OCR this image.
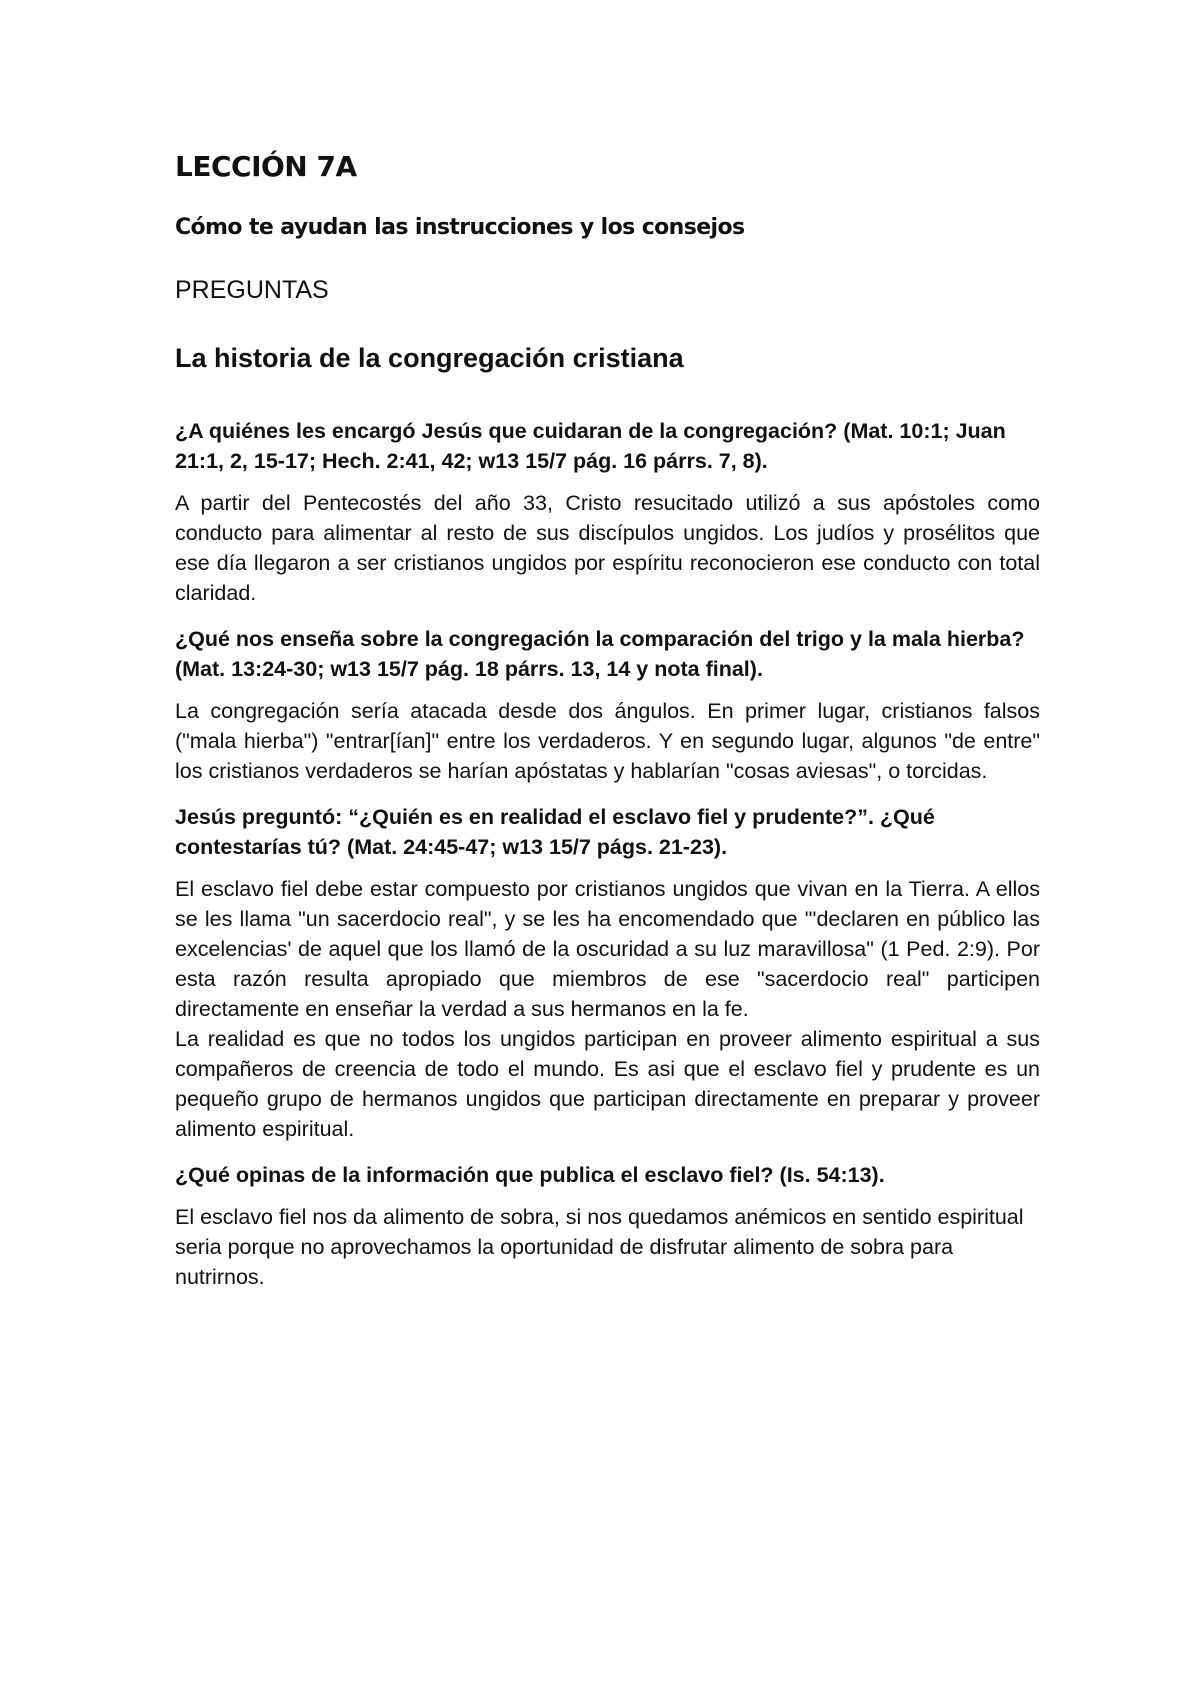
LECCIÓN 7A
Cómo te ayudan las instrucciones y los consejos
PREGUNTAS
La historia de la congregación cristiana

¿A quiénes les encargó Jesús que cuidaran de la congregación? (Mat. 10:1; Juan 21:1, 2, 15-17; Hech. 2:41, 42; w13 15/7 pág. 16 párrs. 7, 8).

A partir del Pentecostés del año 33, Cristo resucitado utilizó a sus apóstoles como conducto para alimentar al resto de sus discípulos ungidos. Los judíos y prosélitos que ese día llegaron a ser cristianos ungidos por espíritu reconocieron ese conducto con total claridad.

¿Qué nos enseña sobre la congregación la comparación del trigo y la mala hierba? (Mat. 13:24-30; w13 15/7 pág. 18 párrs. 13, 14 y nota final).

La congregación sería atacada desde dos ángulos. En primer lugar, cristianos falsos ("mala hierba") "entrar[ían]" entre los verdaderos. Y en segundo lugar, algunos "de entre" los cristianos verdaderos se harían apóstatas y hablarían "cosas aviesas", o torcidas.

Jesús preguntó: “¿Quién es en realidad el esclavo fiel y prudente?”. ¿Qué contestarías tú? (Mat. 24:45-47; w13 15/7 págs. 21-23).

El esclavo fiel debe estar compuesto por cristianos ungidos que vivan en la Tierra. A ellos se les llama "un sacerdocio real", y se les ha encomendado que "'declaren en público las excelencias' de aquel que los llamó de la oscuridad a su luz maravillosa" (1 Ped. 2:9). Por esta razón resulta apropiado que miembros de ese "sacerdocio real" participen directamente en enseñar la verdad a sus hermanos en la fe.

La realidad es que no todos los ungidos participan en proveer alimento espiritual a sus compañeros de creencia de todo el mundo. Es asi que el esclavo fiel y prudente es un pequeño grupo de hermanos ungidos que participan directamente en preparar y proveer alimento espiritual.

¿Qué opinas de la información que publica el esclavo fiel? (Is. 54:13).

El esclavo fiel nos da alimento de sobra, si nos quedamos anémicos en sentido espiritual seria porque no aprovechamos la oportunidad de disfrutar alimento de sobra para nutrirnos.
